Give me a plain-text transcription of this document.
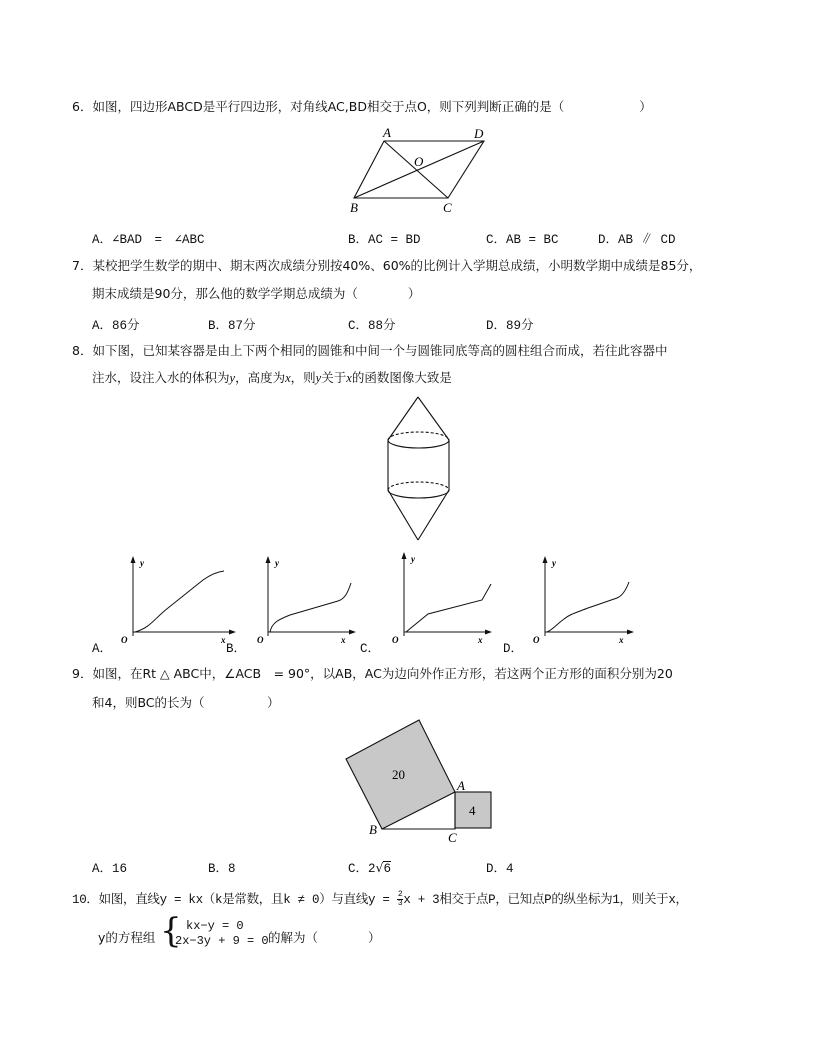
6．如图，四边形ABCD是平行四边形，对角线AC,BD相交于点O，则下列判断正确的是（　　　　　　）
A	D
O
B	C
A．∠BAD　=　∠ABC	B．AC = BD	C．AB = BC	D．AB ∥ CD
7．某校把学生数学的期中、期末两次成绩分别按40%、60%的比例计入学期总成绩，小明数学期中成绩是85分，
期末成绩是90分，那么他的数学学期总成绩为（　　　　）
A．86分	B．87分	C．88分	D．89分
8．如下图，已知某容器是由上下两个相同的圆锥和中间一个与圆锥同底等高的圆柱组合而成，若往此容器中
注水，设注入水的体积为y，高度为x，则y关于x的函数图像大致是
y
x
O
y
x
O
y
x
O
y
x
O
A．	B．	C．	D．
9．如图，在Rt △ ABC中，∠ACB　= 90°，以AB，AC为边向外作正方形，若这两个正方形的面积分别为20
和4，则BC的长为（　　　　　）
20
4
A
B
C
A．16	B．8	C．2√6	D．4
10．如图，直线y = kx（k是常数，且k ≠ 0）与直线$y = \frac{2}{3}$ x + 3相交于点P，已知点P的纵坐标为1，则关于x，
y的方程组 { kx−y = 0
2x−3y + 9 = 0 的解为（　　　　）
